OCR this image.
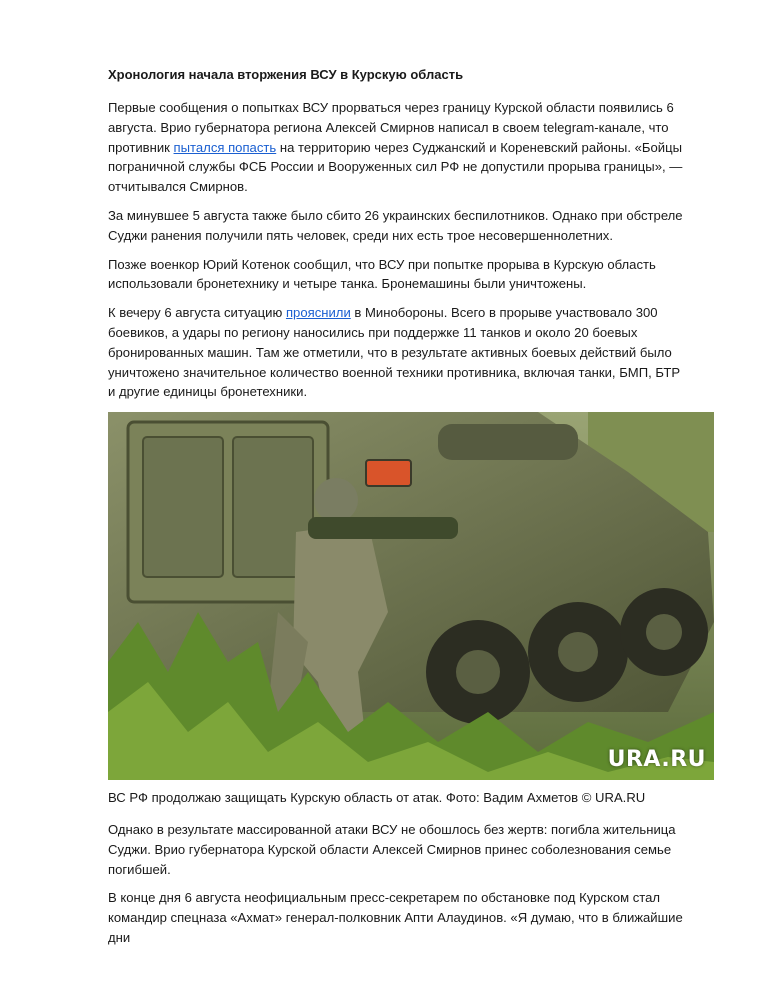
Хронология начала вторжения ВСУ в Курскую область

Первые сообщения о попытках ВСУ прорваться через границу Курской области появились 6 августа. Врио губернатора региона Алексей Смирнов написал в своем telegram-канале, что противник пытался попасть на территорию через Суджанский и Кореневский районы. «Бойцы пограничной службы ФСБ России и Вооруженных сил РФ не допустили прорыва границы», — отчитывался Смирнов.

За минувшее 5 августа также было сбито 26 украинских беспилотников. Однако при обстреле Суджи ранения получили пять человек, среди них есть трое несовершеннолетних.

Позже военкор Юрий Котенок сообщил, что ВСУ при попытке прорыва в Курскую область использовали бронетехнику и четыре танка. Бронемашины были уничтожены.

К вечеру 6 августа ситуацию прояснили в Минобороны. Всего в прорыве участвовало 300 боевиков, а удары по региону наносились при поддержке 11 танков и около 20 боевых бронированных машин. Там же отметили, что в результате активных боевых действий было уничтожено значительное количество военной техники противника, включая танки, БМП, БТР и другие единицы бронетехники.

URA.RU

ВС РФ продолжаю защищать Курскую область от атак. Фото: Вадим Ахметов © URA.RU

Однако в результате массированной атаки ВСУ не обошлось без жертв: погибла жительница Суджи. Врио губернатора Курской области Алексей Смирнов принес соболезнования семье погибшей.

В конце дня 6 августа неофициальным пресс-секретарем по обстановке под Курском стал командир спецназа «Ахмат» генерал-полковник Апти Алаудинов. «Я думаю, что в ближайшие дни
